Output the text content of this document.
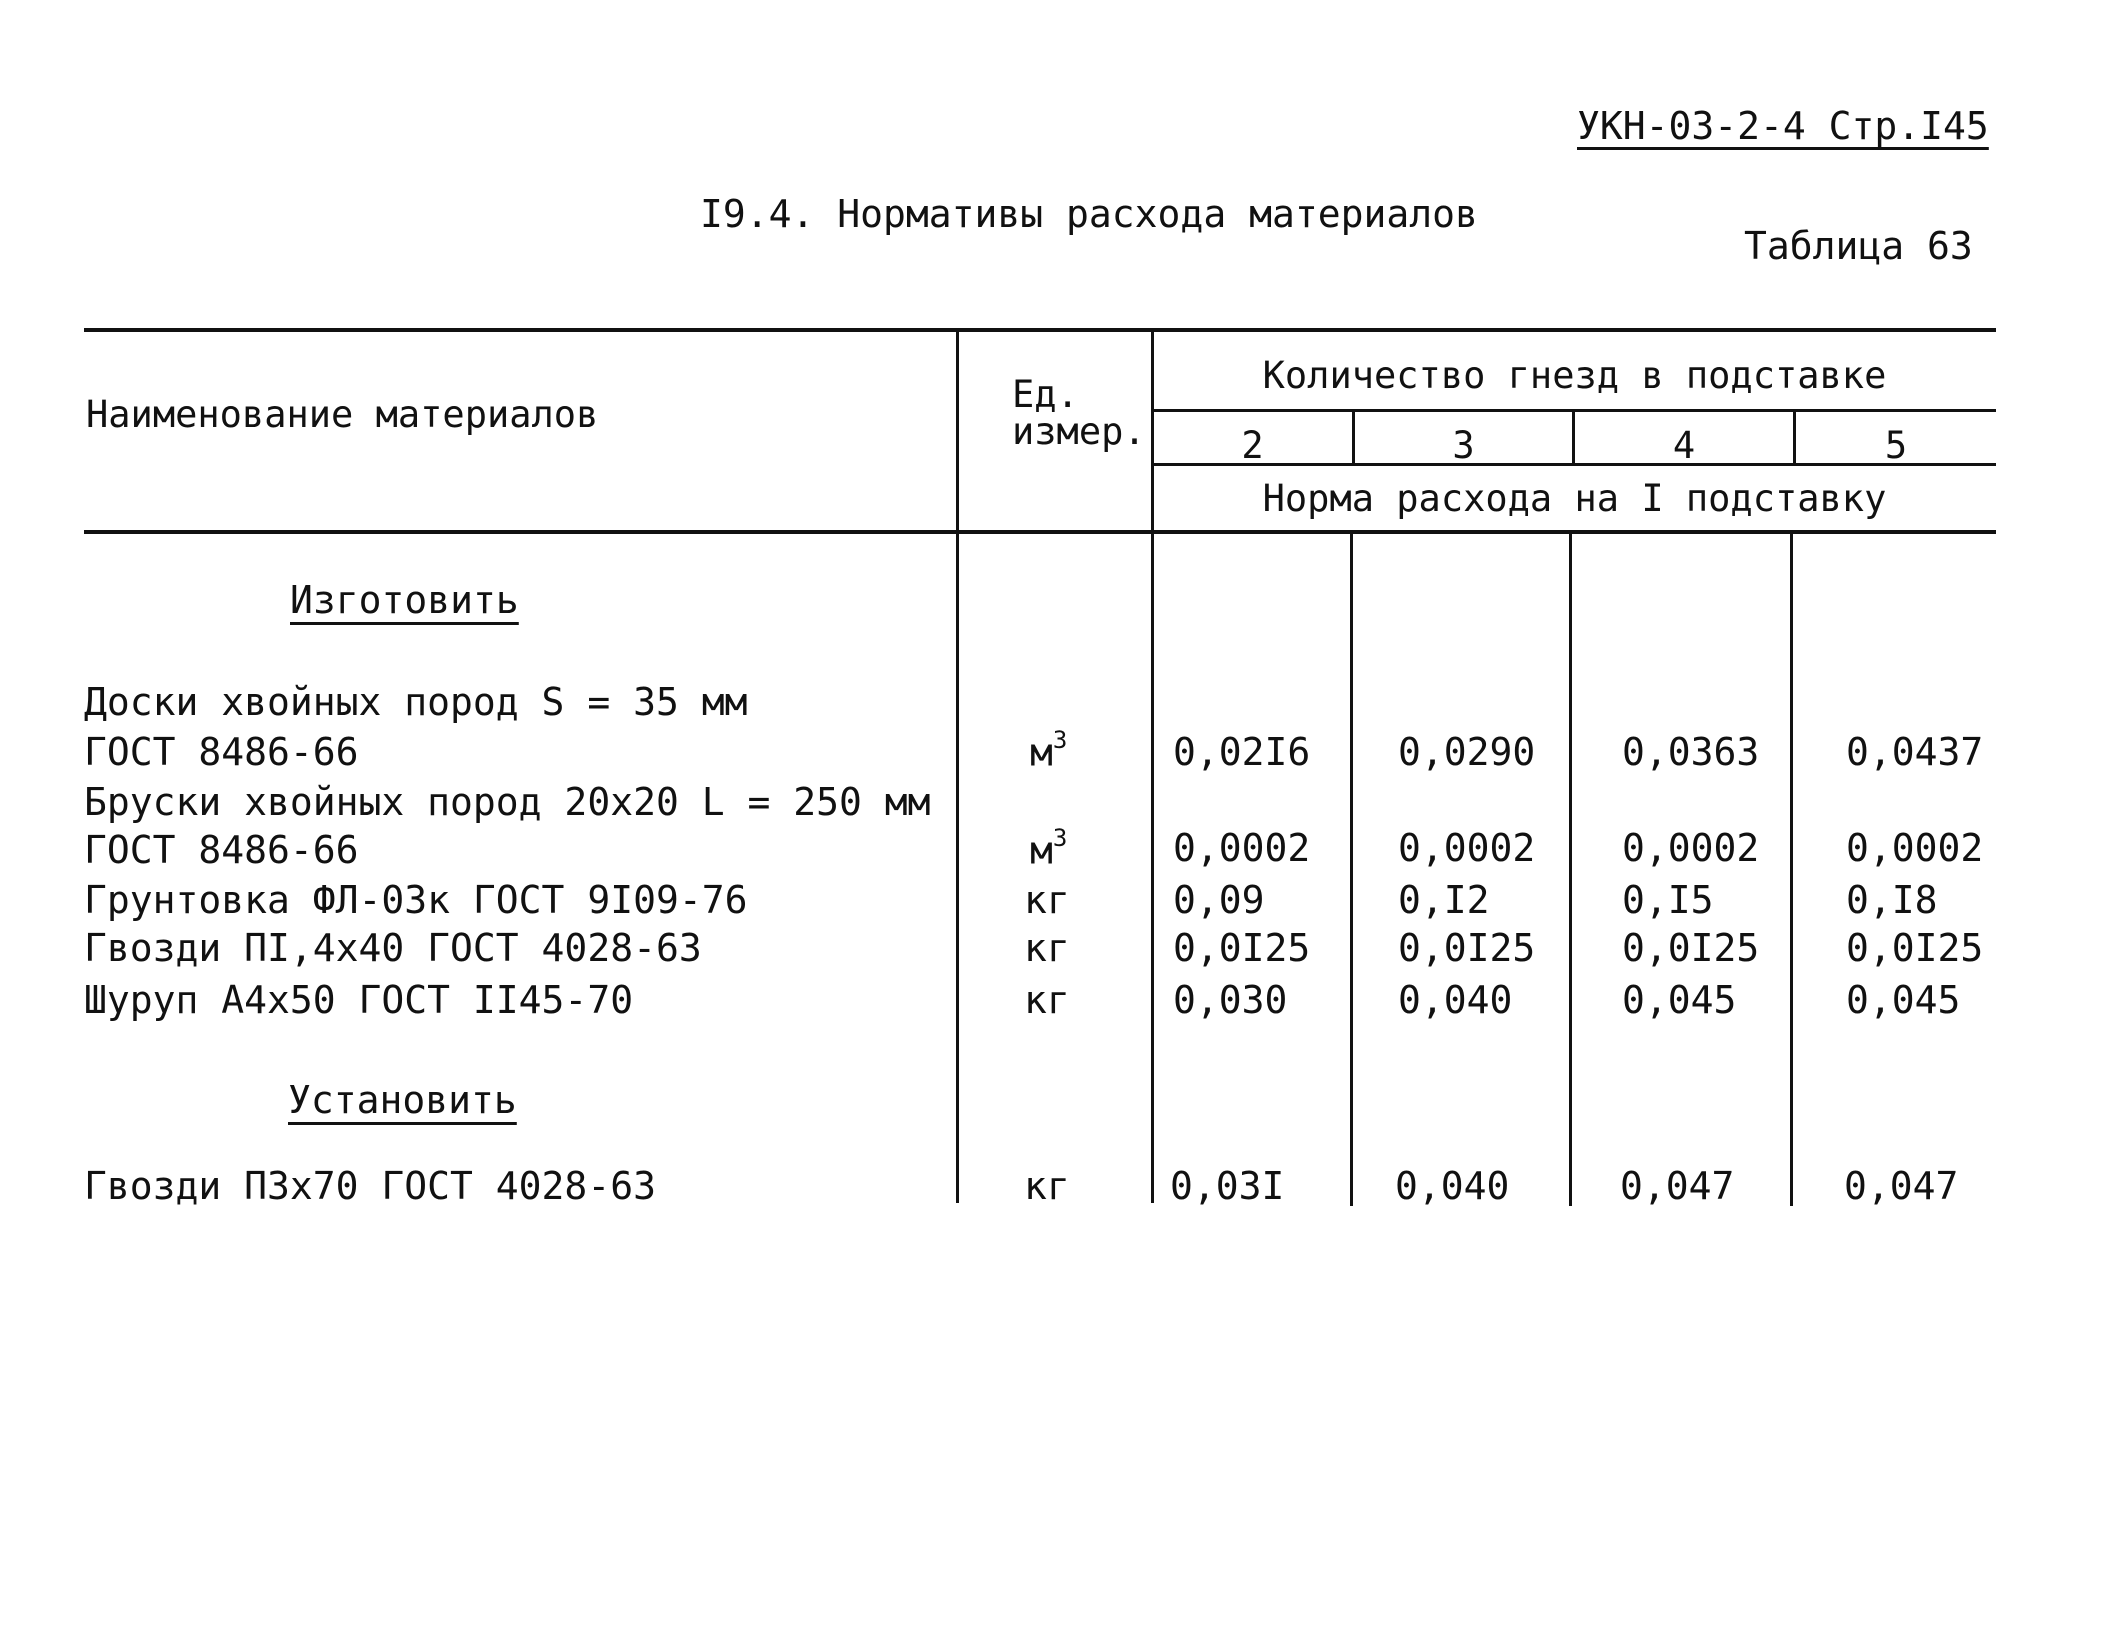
УКН-03-2-4 Стр.I45
I9.4. Нормативы расхода материалов
Таблица 63
Наименование материалов	Ед.
измер.
Количество гнезд в подставке
2	3	4	5
Норма расхода на I подставку
Изготовить
Доски хвойных пород S = 35 мм
ГОСТ 8486-66	$м^3$	0,02I6 0,0290 0,0363 0,0437
Бруски хвойных пород 20х20 L = 250 мм
ГОСТ 8486-66	$м^3$	0,0002 0,0002 0,0002 0,0002
Грунтовка ФЛ-03к ГОСТ 9I09-76	кг	0,09	0,I2	0,I5	0,I8
Гвозди ПI,4х40 ГОСТ 4028-63	кг	0,0I25 0,0I25 0,0I25 0,0I25
Шуруп А4х50 ГОСТ II45-70	кг	0,030	0,040	0,045	0,045
Установить
Гвозди П3х70 ГОСТ 4028-63	кг	0,03I	0,040	0,047	0,047
